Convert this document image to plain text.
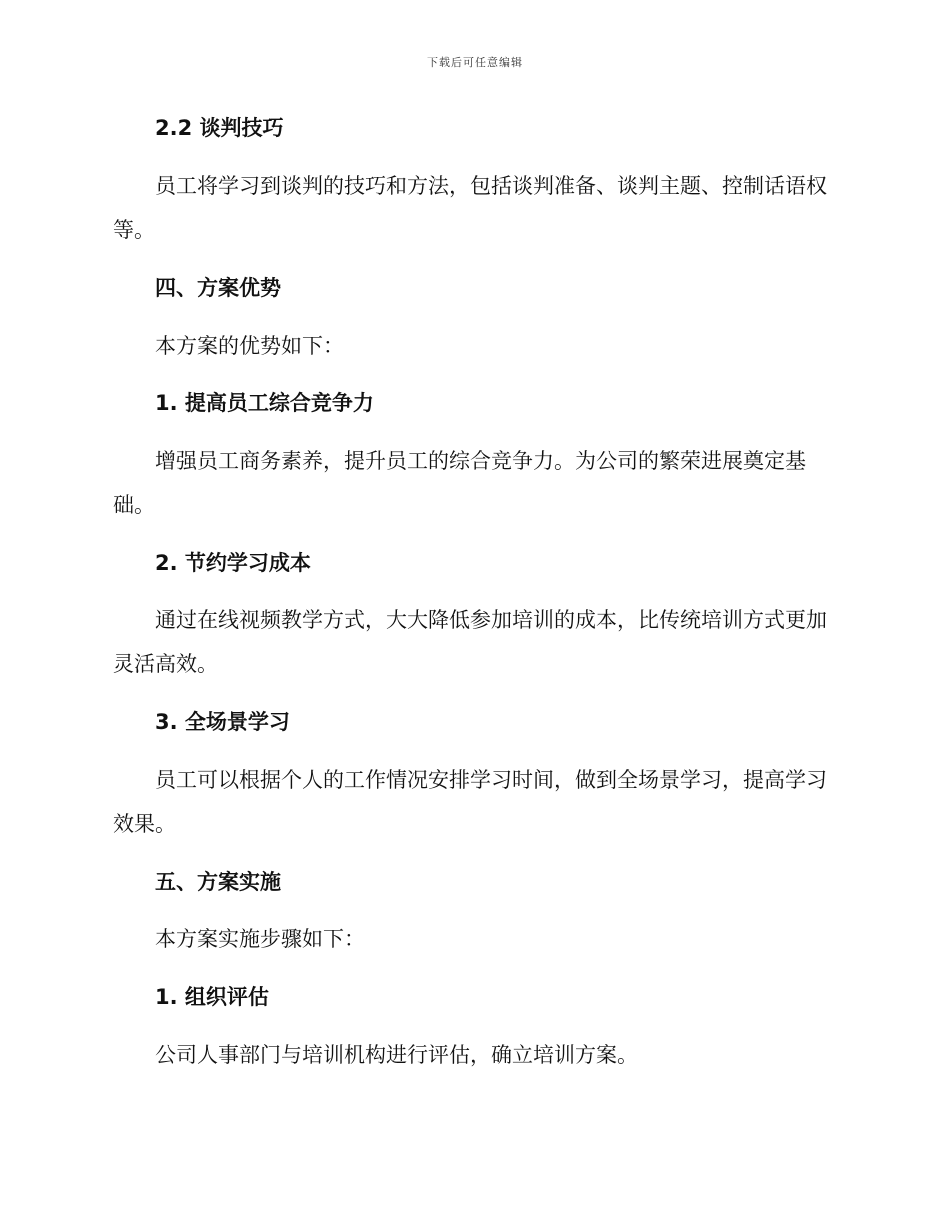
下载后可任意编辑
2.2 谈判技巧
员工将学习到谈判的技巧和方法，包括谈判准备、谈判主题、控制话语权等。
四、方案优势
本方案的优势如下：
1. 提高员工综合竞争力
增强员工商务素养，提升员工的综合竞争力。为公司的繁荣进展奠定基础。
2. 节约学习成本
通过在线视频教学方式，大大降低参加培训的成本，比传统培训方式更加灵活高效。
3. 全场景学习
员工可以根据个人的工作情况安排学习时间，做到全场景学习，提高学习效果。
五、方案实施
本方案实施步骤如下：
1. 组织评估
公司人事部门与培训机构进行评估，确立培训方案。
